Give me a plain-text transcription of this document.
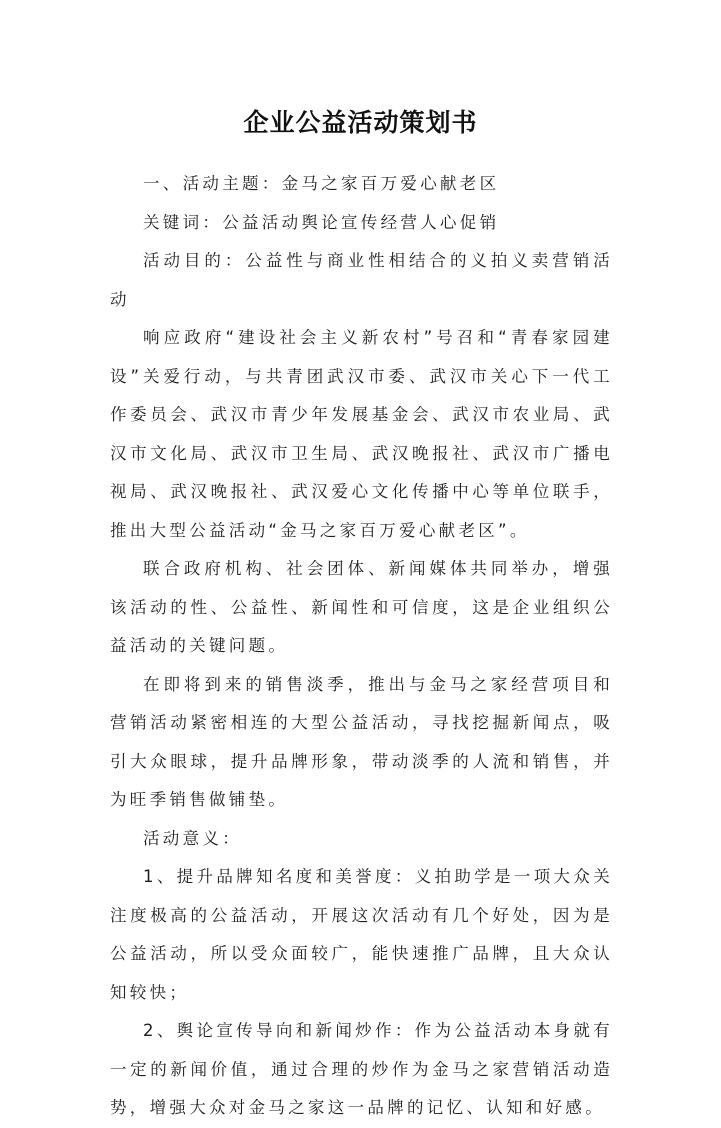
企业公益活动策划书

一、活动主题：金马之家百万爱心献老区

关键词：公益活动舆论宣传经营人心促销

活动目的：公益性与商业性相结合的义拍义卖营销活动

响应政府“建设社会主义新农村”号召和“青春家园建设”关爱行动，与共青团武汉市委、武汉市关心下一代工作委员会、武汉市青少年发展基金会、武汉市农业局、武汉市文化局、武汉市卫生局、武汉晚报社、武汉市广播电视局、武汉晚报社、武汉爱心文化传播中心等单位联手，推出大型公益活动“金马之家百万爱心献老区”。

联合政府机构、社会团体、新闻媒体共同举办，增强该活动的性、公益性、新闻性和可信度，这是企业组织公益活动的关键问题。

在即将到来的销售淡季，推出与金马之家经营项目和营销活动紧密相连的大型公益活动，寻找挖掘新闻点，吸引大众眼球，提升品牌形象，带动淡季的人流和销售，并为旺季销售做铺垫。

活动意义：

1、提升品牌知名度和美誉度：义拍助学是一项大众关注度极高的公益活动，开展这次活动有几个好处，因为是公益活动，所以受众面较广，能快速推广品牌，且大众认知较快；

2、舆论宣传导向和新闻炒作：作为公益活动本身就有一定的新闻价值，通过合理的炒作为金马之家营销活动造势，增强大众对金马之家这一品牌的记忆、认知和好感。
